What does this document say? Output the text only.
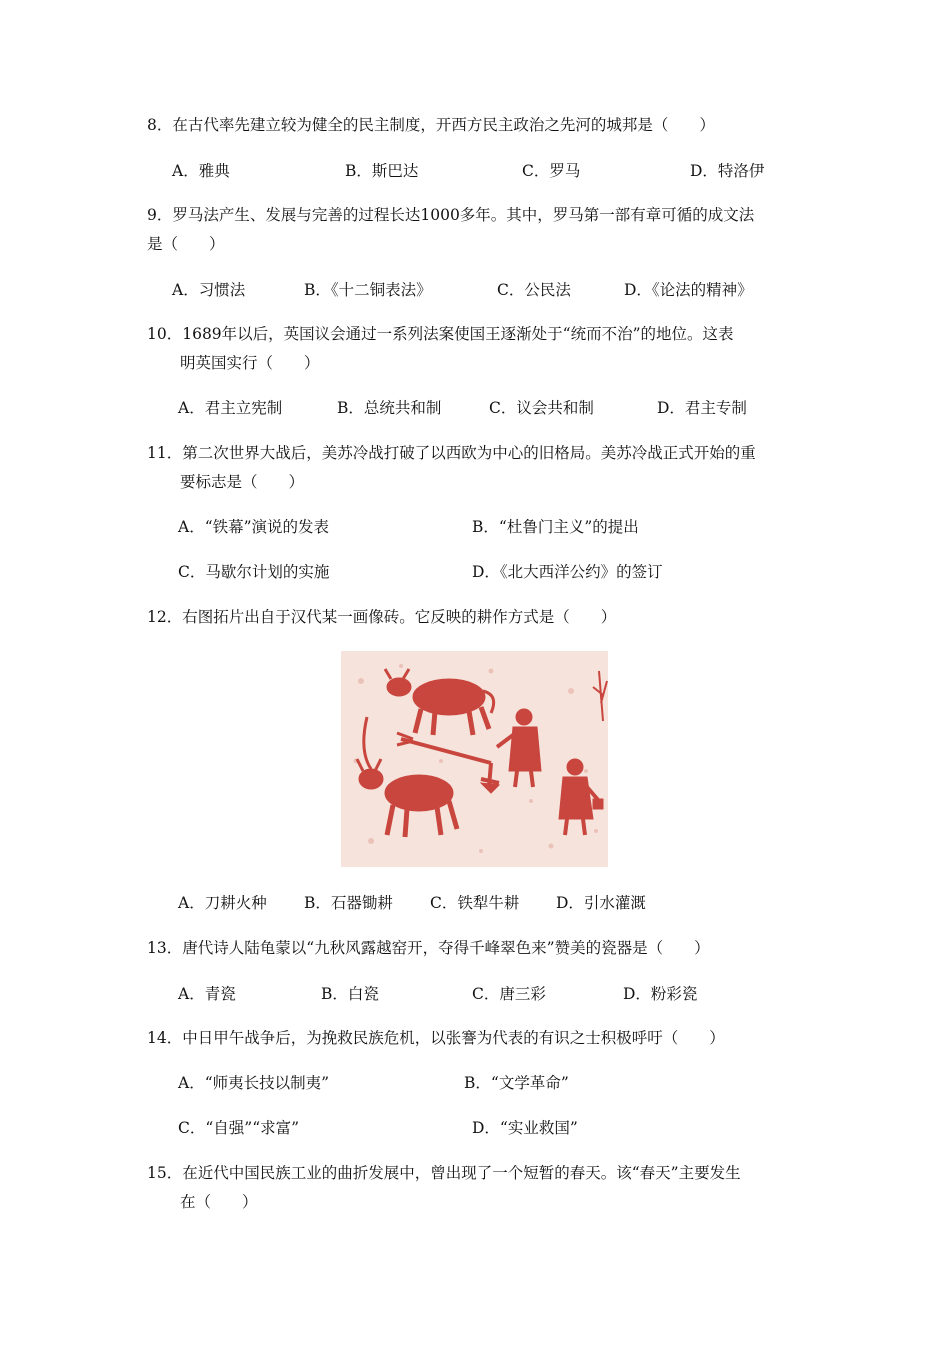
8．在古代率先建立较为健全的民主制度，开西方民主政治之先河的城邦是（　　）
A．雅典	B．斯巴达	C．罗马	D．特洛伊
9．罗马法产生、发展与完善的过程长达1000多年。其中，罗马第一部有章可循的成文法
是（　　）
A．习惯法	B．《十二铜表法》	C．公民法	D．《论法的精神》
10．1689年以后，英国议会通过一系列法案使国王逐渐处于“统而不治”的地位。这表
明英国实行（　　）
A．君主立宪制	B．总统共和制	C．议会共和制	D．君主专制
11．第二次世界大战后，美苏冷战打破了以西欧为中心的旧格局。美苏冷战正式开始的重
要标志是（　　）
A．“铁幕”演说的发表	B．“杜鲁门主义”的提出
C．马歇尔计划的实施	D．《北大西洋公约》的签订
12．右图拓片出自于汉代某一画像砖。它反映的耕作方式是（　　）
A．刀耕火种 B．石器锄耕 C．铁犁牛耕 D．引水灌溉
13．唐代诗人陆龟蒙以“九秋风露越窑开，夺得千峰翠色来”赞美的瓷器是（　　）
A．青瓷	B．白瓷	C．唐三彩	D．粉彩瓷
14．中日甲午战争后，为挽救民族危机，以张謇为代表的有识之士积极呼吁（　　）
A．“师夷长技以制夷”	B．“文学革命”
C．“自强”“求富”	D．“实业救国”
15．在近代中国民族工业的曲折发展中，曾出现了一个短暂的春天。该“春天”主要发生
在（　　）
